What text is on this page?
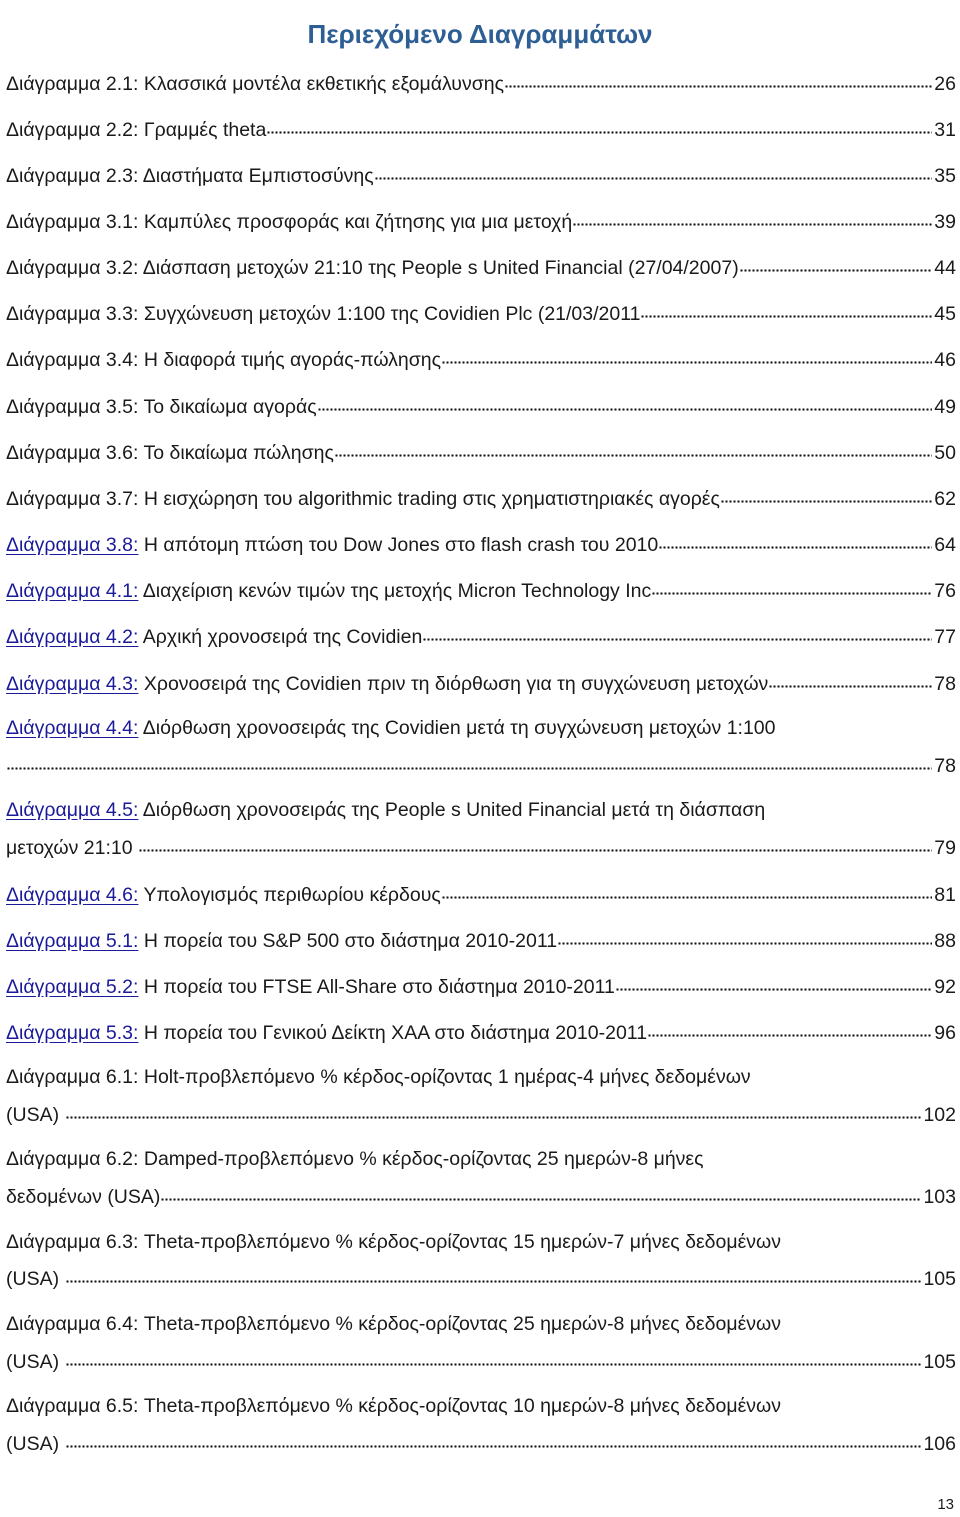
Περιεχόμενο Διαγραμμάτων
Διάγραμμα 2.1: Κλασσικά μοντέλα εκθετικής εξομάλυνσης	26
Διάγραμμα 2.2: Γραμμές theta	31
Διάγραμμα 2.3: Διαστήματα Εμπιστοσύνης	35
Διάγραμμα 3.1: Καμπύλες προσφοράς και ζήτησης για μια μετοχή	39
Διάγραμμα 3.2: Διάσπαση μετοχών 21:10 της People s United Financial (27/04/2007)	44
Διάγραμμα 3.3: Συγχώνευση μετοχών 1:100 της Covidien Plc (21/03/2011	45
Διάγραμμα 3.4: Η διαφορά τιμής αγοράς-πώλησης	46
Διάγραμμα 3.5: Το δικαίωμα αγοράς	49
Διάγραμμα 3.6: Το δικαίωμα πώλησης	50
Διάγραμμα 3.7: Η εισχώρηση του algorithmic trading στις χρηματιστηριακές αγορές	62
Διάγραμμα 3.8: Η απότομη πτώση του Dow Jones στο flash crash του 2010	64
Διάγραμμα 4.1: Διαχείριση κενών τιμών της μετοχής Micron Technology Inc	76
Διάγραμμα 4.2: Αρχική χρονοσειρά της Covidien	77
Διάγραμμα 4.3: Χρονοσειρά της Covidien πριν τη διόρθωση για τη συγχώνευση μετοχών	78
Διάγραμμα 4.4: Διόρθωση χρονοσειράς της Covidien μετά τη συγχώνευση μετοχών 1:100
78
Διάγραμμα 4.5: Διόρθωση χρονοσειράς της People s United Financial μετά τη διάσπαση
μετοχών 21:10	79
Διάγραμμα 4.6: Υπολογισμός περιθωρίου κέρδους	81
Διάγραμμα 5.1: Η πορεία του S&P 500 στο διάστημα 2010-2011	88
Διάγραμμα 5.2: Η πορεία του FTSE All-Share στο διάστημα 2010-2011	92
Διάγραμμα 5.3: Η πορεία του Γενικού Δείκτη ΧΑΑ στο διάστημα 2010-2011	96
Διάγραμμα 6.1: Holt-προβλεπόμενο % κέρδος-ορίζοντας 1 ημέρας-4 μήνες δεδομένων
(USA)	102
Διάγραμμα 6.2: Damped-προβλεπόμενο % κέρδος-ορίζοντας 25 ημερών-8 μήνες
δεδομένων (USA)	103
Διάγραμμα 6.3: Theta-προβλεπόμενο % κέρδος-ορίζοντας 15 ημερών-7 μήνες δεδομένων
(USA)	105
Διάγραμμα 6.4: Theta-προβλεπόμενο % κέρδος-ορίζοντας 25 ημερών-8 μήνες δεδομένων
(USA)	105
Διάγραμμα 6.5: Theta-προβλεπόμενο % κέρδος-ορίζοντας 10 ημερών-8 μήνες δεδομένων
(USA)	106
13
